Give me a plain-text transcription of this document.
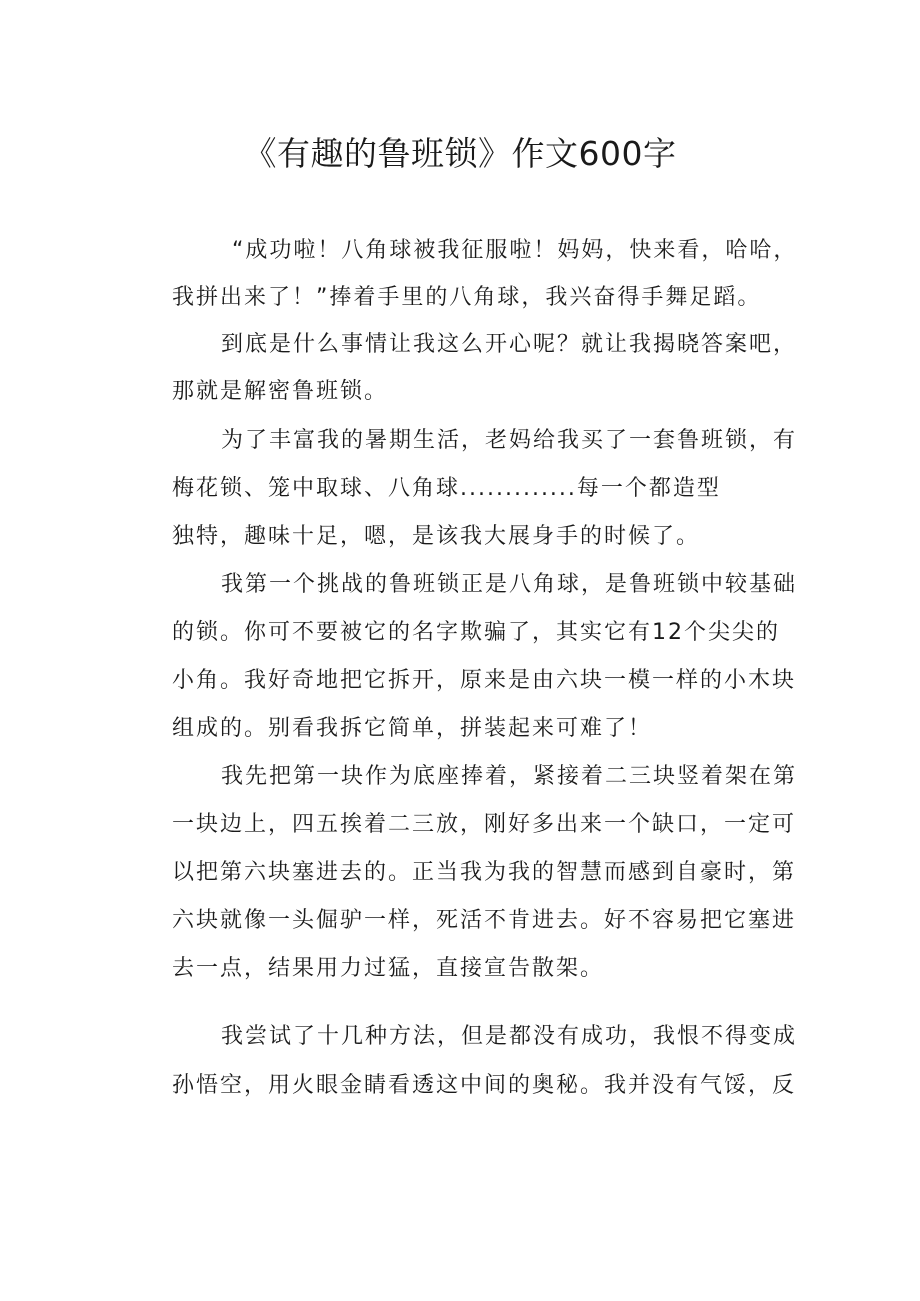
《有趣的鲁班锁》作文600字
“成功啦！八角球被我征服啦！妈妈，快来看，哈哈，
我拼出来了！”捧着手里的八角球，我兴奋得手舞足蹈。
到底是什么事情让我这么开心呢？就让我揭晓答案吧，
那就是解密鲁班锁。
为了丰富我的暑期生活，老妈给我买了一套鲁班锁，有
梅花锁、笼中取球、八角球.............每一个都造型
独特，趣味十足，嗯，是该我大展身手的时候了。
我第一个挑战的鲁班锁正是八角球，是鲁班锁中较基础
的锁。你可不要被它的名字欺骗了，其实它有12个尖尖的
小角。我好奇地把它拆开，原来是由六块一模一样的小木块
组成的。别看我拆它简单，拼装起来可难了！
我先把第一块作为底座捧着，紧接着二三块竖着架在第
一块边上，四五挨着二三放，刚好多出来一个缺口，一定可
以把第六块塞进去的。正当我为我的智慧而感到自豪时，第
六块就像一头倔驴一样，死活不肯进去。好不容易把它塞进
去一点，结果用力过猛，直接宣告散架。
我尝试了十几种方法，但是都没有成功，我恨不得变成
孙悟空，用火眼金睛看透这中间的奥秘。我并没有气馁，反
